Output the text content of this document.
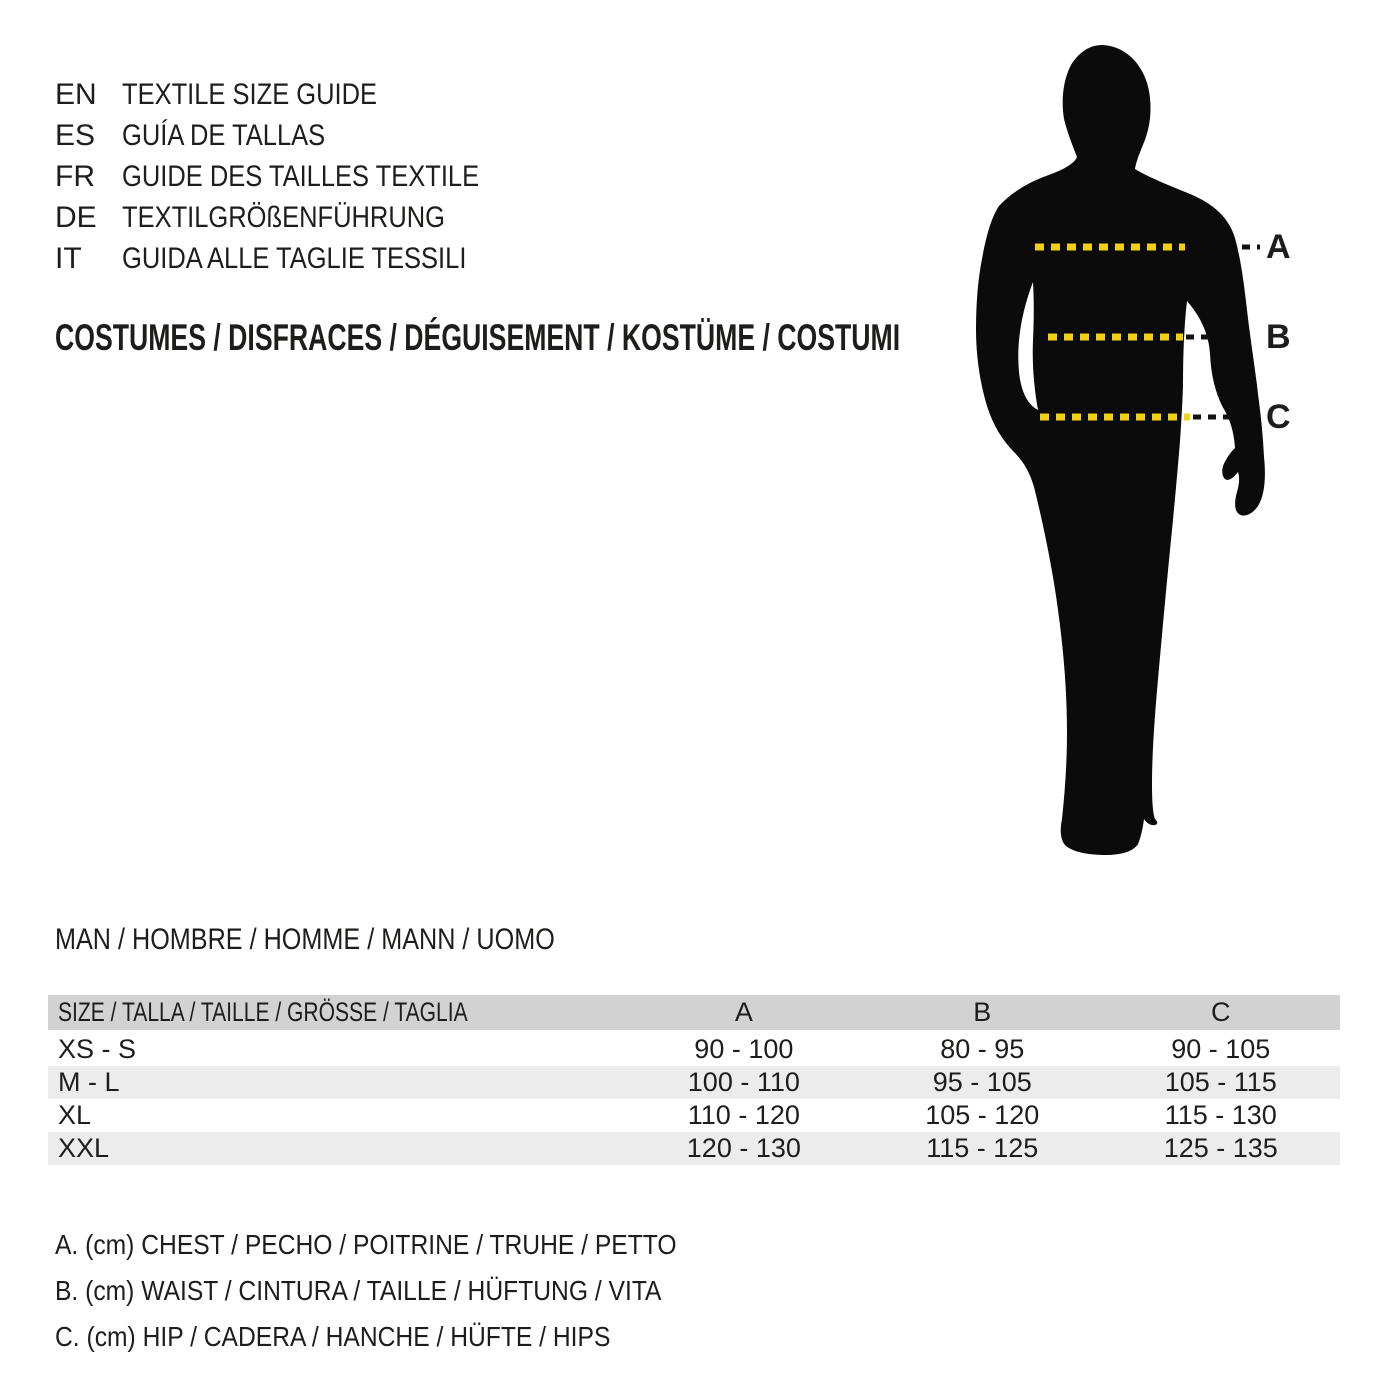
EN TEXTILE SIZE GUIDE
ES GUÍA DE TALLAS
FR GUIDE DES TAILLES TEXTILE
DE TEXTILGRÖßENFÜHRUNG
IT	GUIDA ALLE TAGLIE TESSILI
COSTUMES / DISFRACES / DÉGUISEMENT / KOSTÜME / COSTUMI
A
B
C
MAN / HOMBRE / HOMME / MANN / UOMO
SIZE / TALLA / TAILLE / GRÖSSE / TAGLIA	A	B	C
XS - S	90 - 100	80 - 95	90 - 105
M - L	100 - 110	95 - 105	105 - 115
XL	110 - 120	105 - 120	115 - 130
XXL	120 - 130	115 - 125	125 - 135
A. (cm) CHEST / PECHO / POITRINE / TRUHE / PETTO
B. (cm) WAIST / CINTURA / TAILLE / HÜFTUNG / VITA
C. (cm) HIP / CADERA / HANCHE / HÜFTE / HIPS
